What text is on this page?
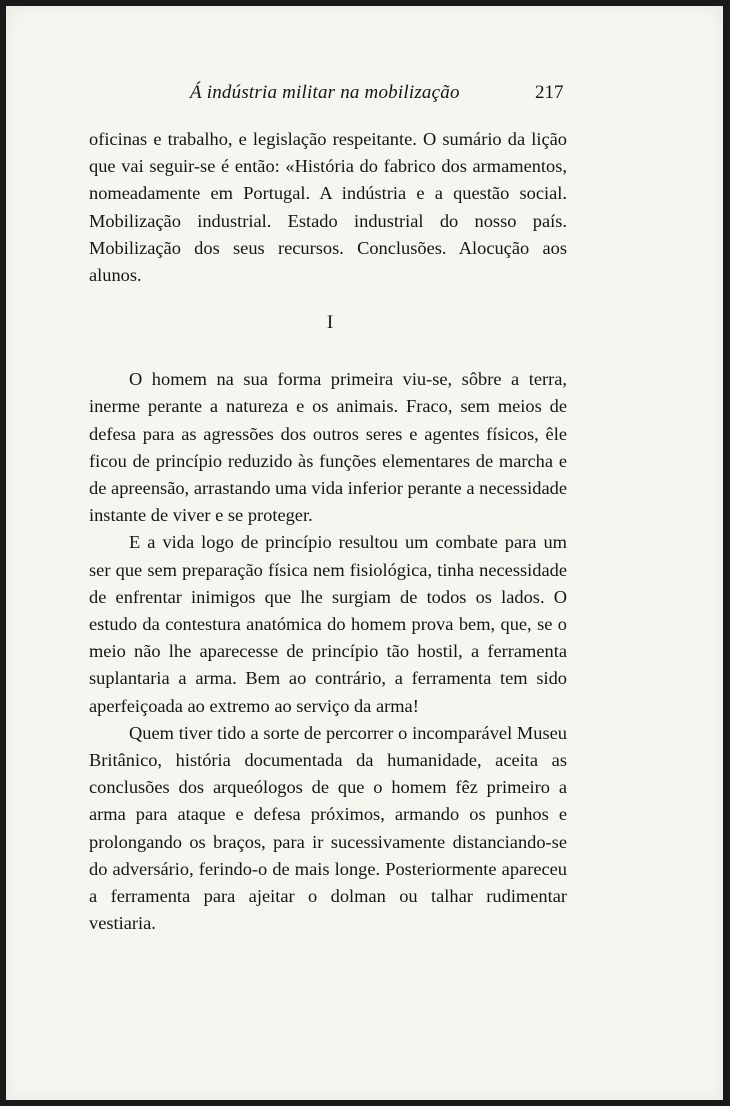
Á indústria militar na mobilização	217

oficinas e trabalho, e legislação respeitante. O sumário da lição que vai seguir-se é então: «História do fabrico dos armamentos, nomeadamente em Portugal. A indústria e a questão social. Mobilização industrial. Estado industrial do nosso país. Mobilização dos seus recursos. Conclusões. Alocução aos alunos.

I

O homem na sua forma primeira viu-se, sôbre a terra, inerme perante a natureza e os animais. Fraco, sem meios de defesa para as agressões dos outros seres e agentes físicos, êle ficou de princípio reduzido às funções elementares de marcha e de apreensão, arrastando uma vida inferior perante a necessidade instante de viver e se proteger.

E a vida logo de princípio resultou um combate para um ser que sem preparação física nem fisiológica, tinha necessidade de enfrentar inimigos que lhe surgiam de todos os lados. O estudo da contestura anatómica do homem prova bem, que, se o meio não lhe aparecesse de princípio tão hostil, a ferramenta suplantaria a arma. Bem ao contrário, a ferramenta tem sido aperfeiçoada ao extremo ao serviço da arma!

Quem tiver tido a sorte de percorrer o incomparável Museu Britânico, história documentada da humanidade, aceita as conclusões dos arqueólogos de que o homem fêz primeiro a arma para ataque e defesa próximos, armando os punhos e prolongando os braços, para ir sucessivamente distanciando-se do adversário, ferindo-o de mais longe. Posteriormente apareceu a ferramenta para ajeitar o dolman ou talhar rudimentar vestiaria.
